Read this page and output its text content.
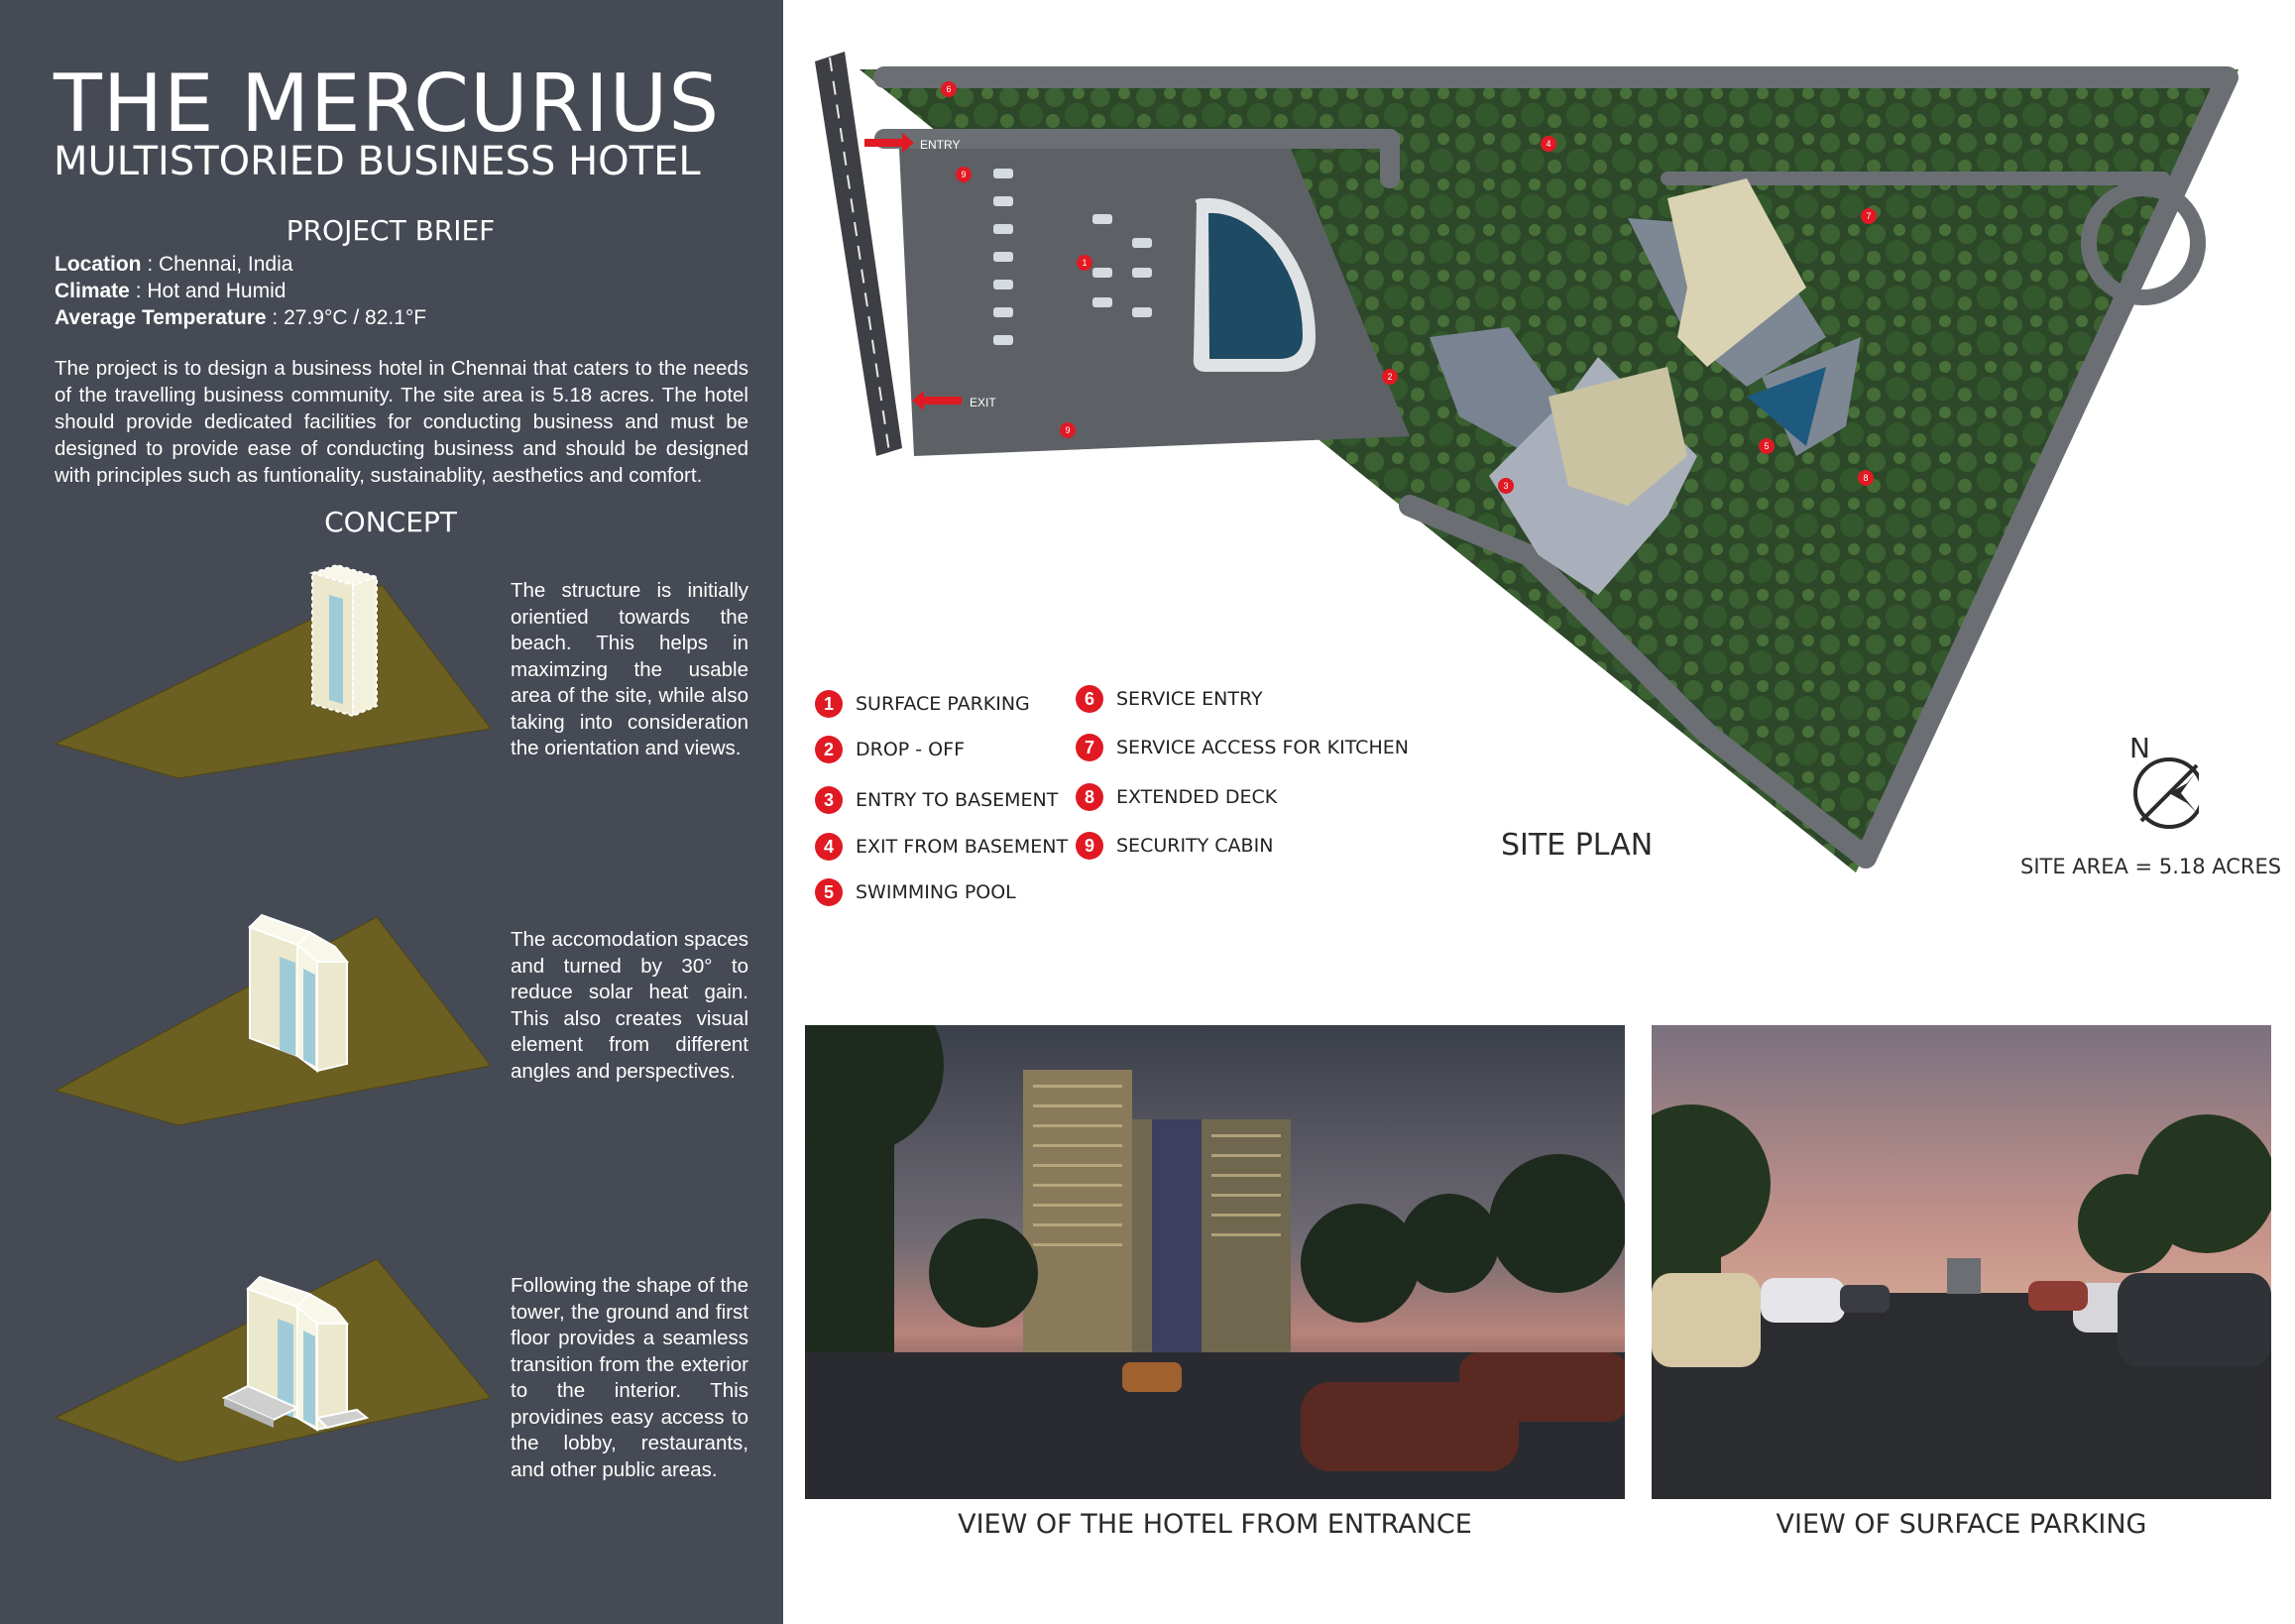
THE MERCURIUS
MULTISTORIED BUSINESS HOTEL
PROJECT BRIEF
Location : Chennai, India
Climate : Hot and Humid
Average Temperature : 27.9°C / 82.1°F
The project is to design a business hotel in Chennai that caters to the needs of the travelling business community. The site area is 5.18 acres. The hotel should provide dedicated facilities for conducting business and must be designed to provide ease of conducting business and should be designed with principles such as funtionality, sustainablity, aesthetics and comfort.
CONCEPT
The structure is initially orientied towards the beach. This helps in maximzing the usable area of the site, while also taking into consideration the orientation and views.
The accomodation spaces and turned by 30° to reduce solar heat gain. This also creates visual element from different angles and perspectives.
Following the shape of the tower, the ground and first floor provides a seamless transition from the exterior to the interior. This providines easy access to the lobby, restaurants, and other public areas.
ENTRY
EXIT
1
2
3
4
5
6
7
8
9
9
1	SURFACE PARKING
2	DROP - OFF
3	ENTRY TO BASEMENT
4	EXIT FROM BASEMENT
5	SWIMMING POOL
6	SERVICE ENTRY
7	SERVICE ACCESS FOR KITCHEN
8	EXTENDED DECK
9	SECURITY CABIN	SITE PLAN
N
SITE AREA = 5.18 ACRES
VIEW OF THE HOTEL FROM ENTRANCE	VIEW OF SURFACE PARKING
